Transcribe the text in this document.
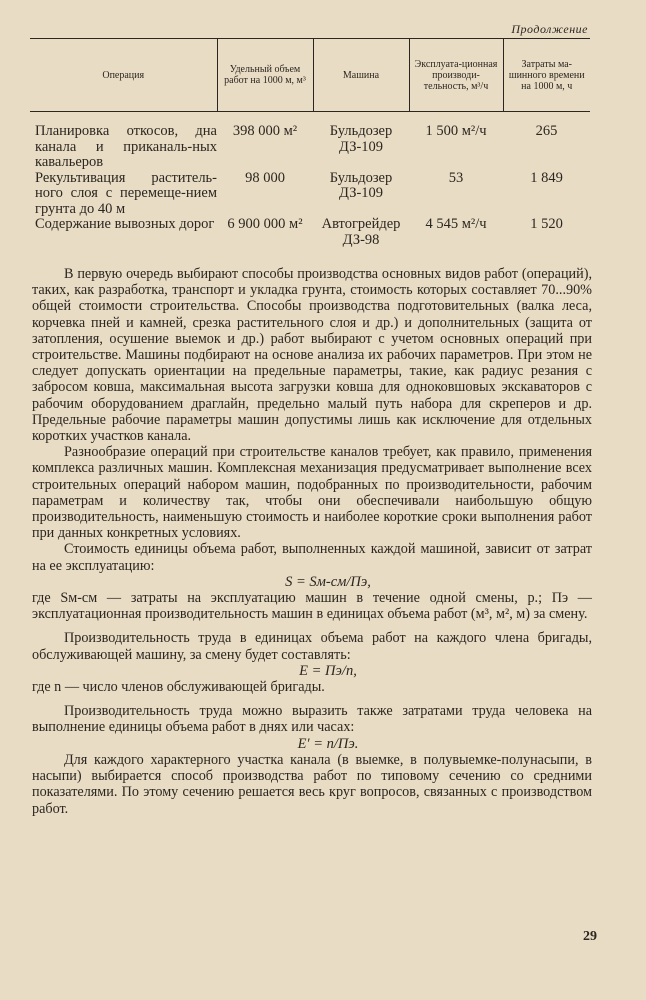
Продолжение
Операция	Удельный объем работ на 1000 м, м³	Машина	Эксплуата-ционная производи-тельность, м³/ч	Затраты ма-шинного времени на 1000 м, ч
Планировка откосов, дна канала и приканаль-ных кавальеров	398 000 м²	Бульдозер ДЗ-109	1 500 м²/ч	265
Рекультивация раститель-ного слоя с перемеще-нием грунта до 40 м	98 000	Бульдозер ДЗ-109	53	1 849
Содержание вывозных дорог	6 900 000 м²	Автогрейдер ДЗ-98	4 545 м²/ч	1 520

В первую очередь выбирают способы производства основных видов работ (операций), таких, как разработка, транспорт и укладка грунта, стоимость которых составляет 70...90% общей стоимости строительства. Способы производства подготовительных (валка леса, корчевка пней и камней, срезка растительного слоя и др.) и дополнительных (защита от затопления, осушение выемок и др.) работ выбирают с учетом основных операций при строительстве. Машины подбирают на основе анализа их рабочих параметров. При этом не следует допускать ориентации на предельные параметры, такие, как радиус резания с забросом ковша, максимальная высота загрузки ковша для одноковшовых экскаваторов с рабочим оборудованием драглайн, предельно малый путь набора для скреперов и др. Предельные рабочие параметры машин допустимы лишь как исключение для отдельных коротких участков канала.

Разнообразие операций при строительстве каналов требует, как правило, применения комплекса различных машин. Комплексная механизация предусматривает выполнение всех строительных операций набором машин, подобранных по производительности, рабочим параметрам и количеству так, чтобы они обеспечивали наибольшую общую производительность, наименьшую стоимость и наиболее короткие сроки выполнения работ при данных конкретных условиях.

Стоимость единицы объема работ, выполненных каждой машиной, зависит от затрат на ее эксплуатацию:

S = Sм-см/Пэ,

где Sм-см — затраты на эксплуатацию машин в течение одной смены, р.; Пэ — эксплуатационная производительность машин в единицах объема работ (м³, м², м) за смену.

Производительность труда в единицах объема работ на каждого члена бригады, обслуживающей машину, за смену будет составлять:

E = Пэ/n,

где n — число членов обслуживающей бригады.

Производительность труда можно выразить также затратами труда человека на выполнение единицы объема работ в днях или часах:

E′ = n/Пэ.

Для каждого характерного участка канала (в выемке, в полувыемке-полунасыпи, в насыпи) выбирается способ производства работ по типовому сечению со средними показателями. По этому сечению решается весь круг вопросов, связанных с производством работ.

29
